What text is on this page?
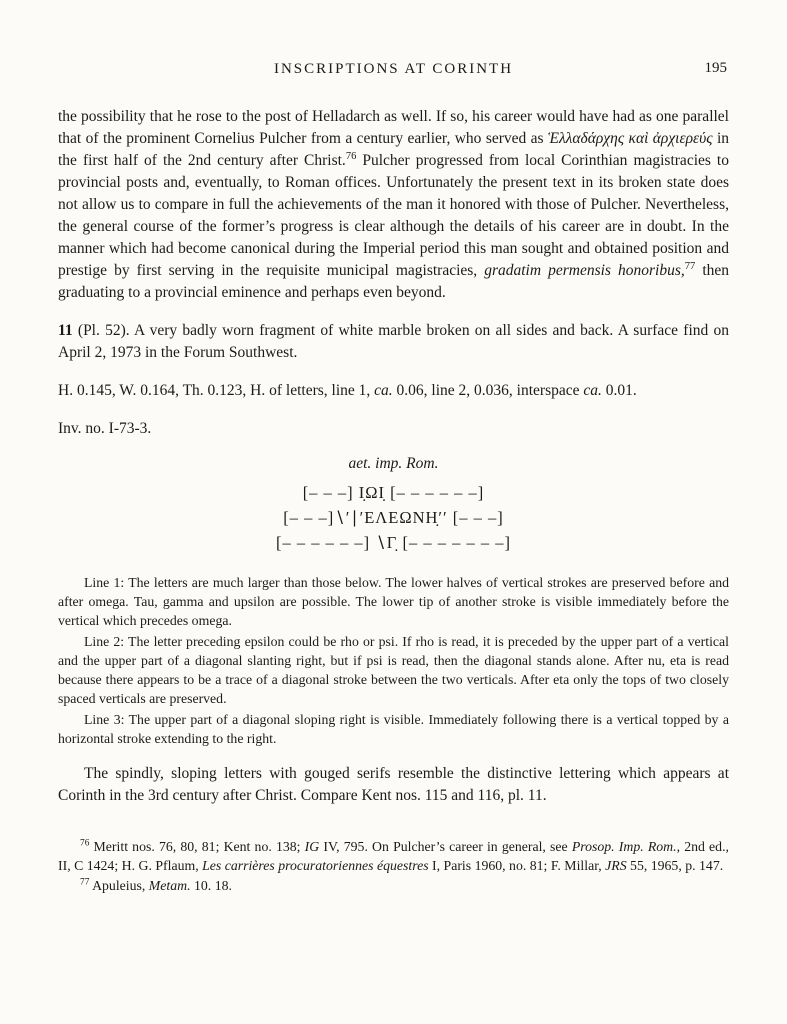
INSCRIPTIONS AT CORINTH	195

the possibility that he rose to the post of Helladarch as well. If so, his career would have had as one parallel that of the prominent Cornelius Pulcher from a century earlier, who served as Ἑλλαδάρχης καὶ ἀρχιερεύς in the first half of the 2nd century after Christ.$^{76}$ Pulcher progressed from local Corinthian magistracies to provincial posts and, eventually, to Roman offices. Unfortunately the present text in its broken state does not allow us to compare in full the achievements of the man it honored with those of Pulcher. Nevertheless, the general course of the former’s progress is clear although the details of his career are in doubt. In the manner which had become canonical during the Imperial period this man sought and obtained position and prestige by first serving in the requisite municipal magistracies, gradatim permensis honoribus,$^{77}$ then graduating to a provincial eminence and perhaps even beyond.

11 (Pl. 52). A very badly worn fragment of white marble broken on all sides and back. A surface find on April 2, 1973 in the Forum Southwest.

H. 0.145, W. 0.164, Th. 0.123, H. of letters, line 1, ca. 0.06, line 2, 0.036, interspace ca. 0.01.

Inv. no. I-73-3.

aet. imp. Rom.
[– – –] Ι̣ΩΙ̣ [– – – – – –]
[– – –]∖ʹ∣ʹΕΛΕΩΝΗ̣ʹʹ [– – –]
[– – – – – –] ∖Γ̣ [– – – – – – –]

Line 1: The letters are much larger than those below. The lower halves of vertical strokes are preserved before and after omega. Tau, gamma and upsilon are possible. The lower tip of another stroke is visible immediately before the vertical which precedes omega.

Line 2: The letter preceding epsilon could be rho or psi. If rho is read, it is preceded by the upper part of a vertical and the upper part of a diagonal slanting right, but if psi is read, then the diagonal stands alone. After nu, eta is read because there appears to be a trace of a diagonal stroke between the two verticals. After eta only the tops of two closely spaced verticals are preserved.

Line 3: The upper part of a diagonal sloping right is visible. Immediately following there is a vertical topped by a horizontal stroke extending to the right.

The spindly, sloping letters with gouged serifs resemble the distinctive lettering which appears at Corinth in the 3rd century after Christ. Compare Kent nos. 115 and 116, pl. 11.

$^{76}$ Meritt nos. 76, 80, 81; Kent no. 138; IG IV, 795. On Pulcher’s career in general, see Prosop. Imp. Rom., 2nd ed., II, C 1424; H. G. Pflaum, Les carrières procuratoriennes équestres I, Paris 1960, no. 81; F. Millar, JRS 55, 1965, p. 147.

$^{77}$ Apuleius, Metam. 10. 18.
